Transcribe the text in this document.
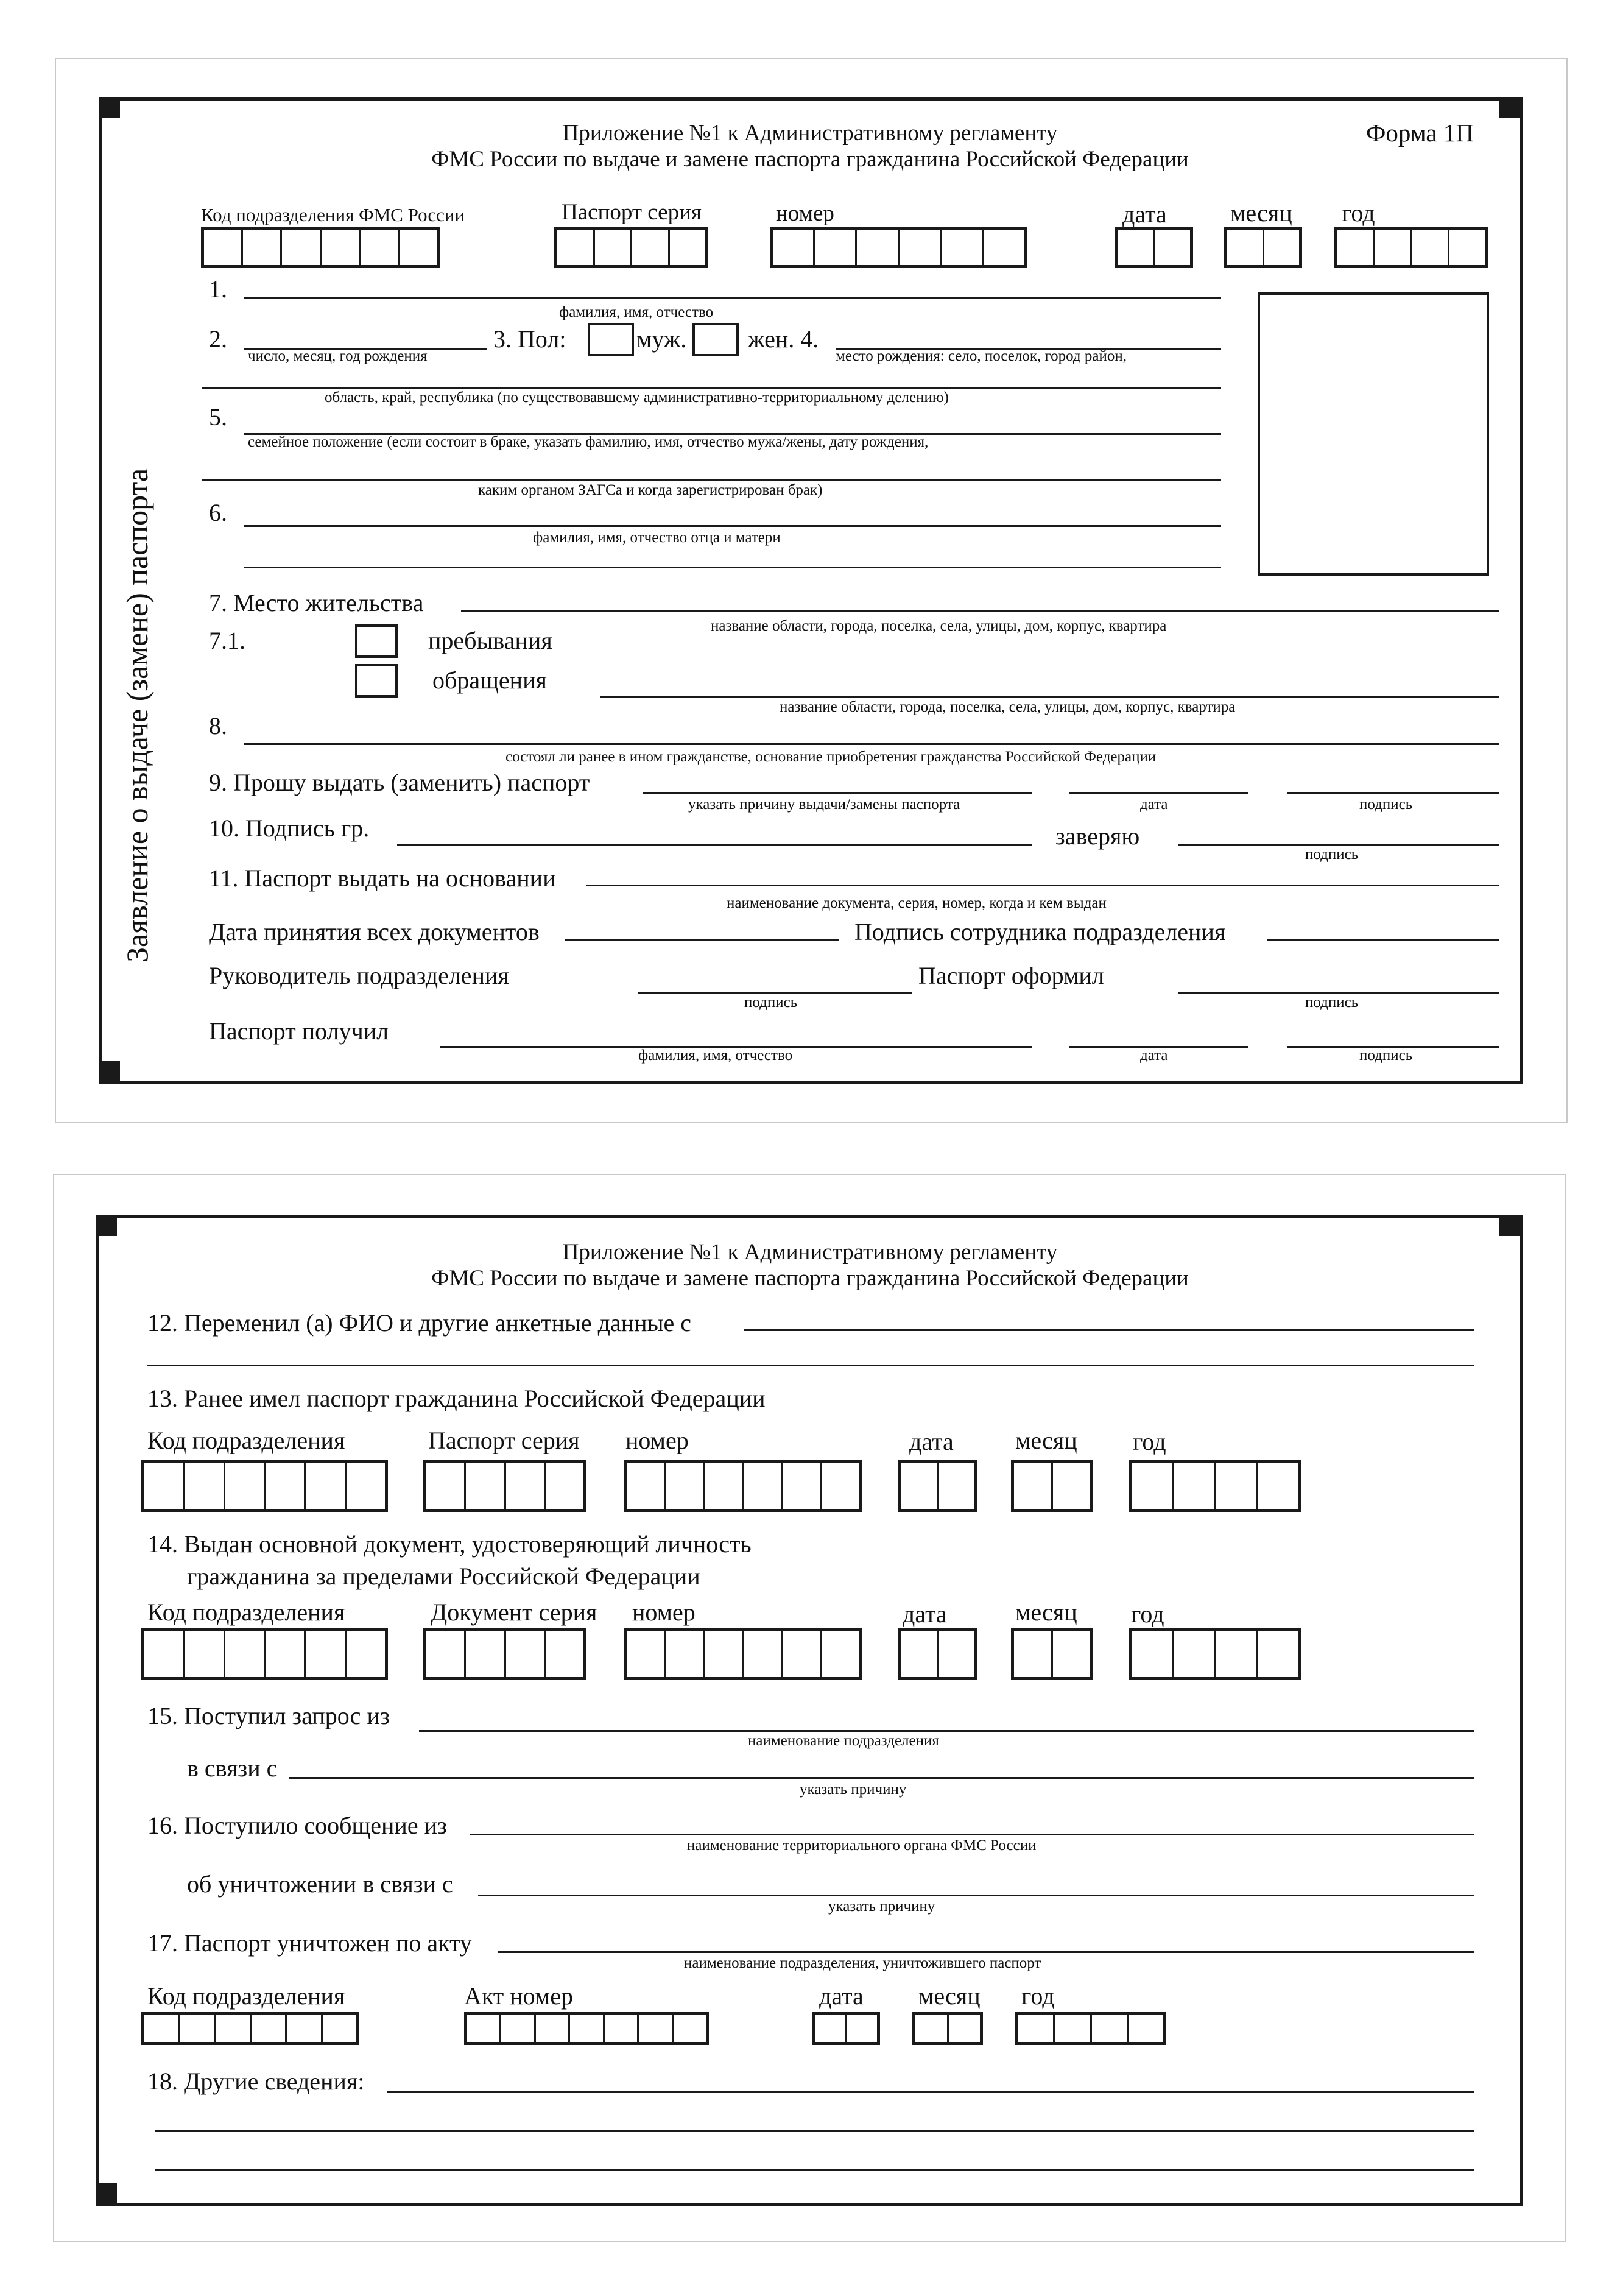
Приложение №1 к Административному регламенту
ФМС России по выдаче и замене паспорта гражданина Российской Федерации
Форма 1П
Заявление о выдаче (замене) паспорта
Код подразделения ФМС России	Паспорт серия	номер	дата	месяц год
1.
фамилия, имя, отчество
2.
число, месяц, год рождения
3. Пол:	муж.	жен. 4.
место рождения: село, поселок, город район,
область, край, республика (по существовавшему административно-территориальному делению)
5.
семейное положение (если состоит в браке, указать фамилию, имя, отчество мужа/жены, дату рождения,
каким органом ЗАГСа и когда зарегистрирован брак)
6.
фамилия, имя, отчество отца и матери
7. Место жительства
название области, города, поселка, села, улицы, дом, корпус, квартира
7.1.	пребывания
обращения
название области, города, поселка, села, улицы, дом, корпус, квартира
8.
состоял ли ранее в ином гражданстве, основание приобретения гражданства Российской Федерации
9. Прошу выдать (заменить) паспорт
указать причину выдачи/замены паспорта	дата	подпись
10. Подпись гр.	заверяю
подпись
11. Паспорт выдать на основании
наименование документа, серия, номер, когда и кем выдан
Дата принятия всех документов	Подпись сотрудника подразделения
Руководитель подразделения
подпись
Паспорт оформил
подпись
Паспорт получил
фамилия, имя, отчество	дата	подпись
Приложение №1 к Административному регламенту
ФМС России по выдаче и замене паспорта гражданина Российской Федерации
12. Переменил (а) ФИО и другие анкетные данные с
13. Ранее имел паспорт гражданина Российской Федерации
Код подразделения	Паспорт серия номер	дата	месяц год
14. Выдан основной документ, удостоверяющий личность
гражданина за пределами Российской Федерации
Код подразделения	Документ серия номер	дата	месяц год
15. Поступил запрос из
наименование подразделения
в связи с
указать причину
16. Поступило сообщение из
наименование территориального органа ФМС России
об уничтожении в связи с
указать причину
17. Паспорт уничтожен по акту
наименование подразделения, уничтожившего паспорт
Код подразделения	Акт номер	дата месяц год
18. Другие сведения:
